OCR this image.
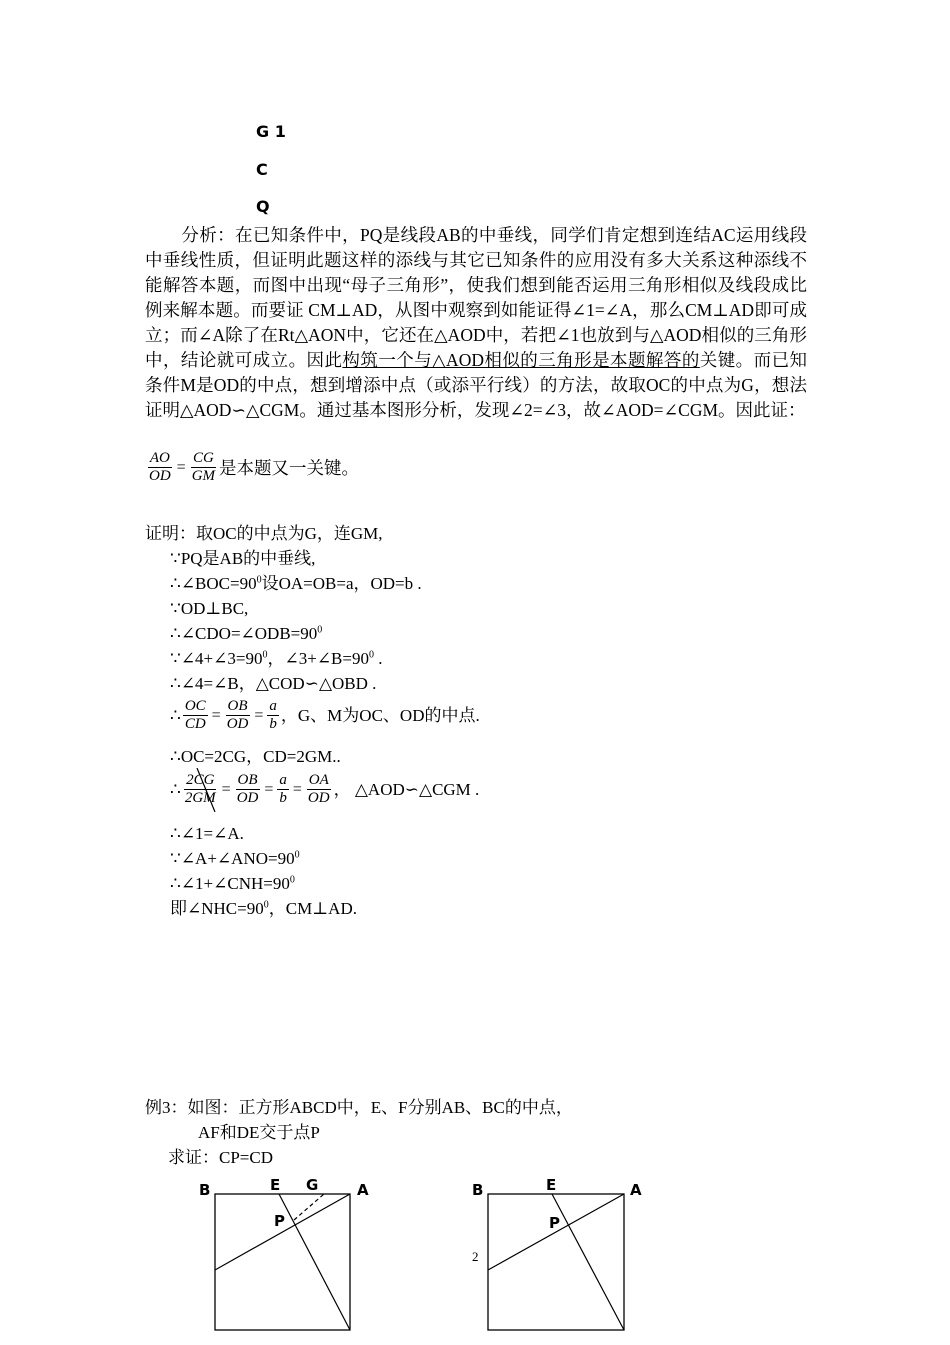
G 1
C
Q
分析：在已知条件中，PQ是线段AB的中垂线，同学们肯定想到连结AC运用线段中垂线性质，但证明此题这样的添线与其它已知条件的应用没有多大关系这种添线不能解答本题，而图中出现“母子三角形”，使我们想到能否运用三角形相似及线段成比例来解本题。而要证 CM⊥AD，从图中观察到如能证得∠1=∠A，那么CM⊥AD即可成立；而∠A除了在Rt△AON中，它还在△AOD中，若把∠1也放到与△AOD相似的三角形中，结论就可成立。因此构筑一个与△AOD相似的三角形是本题解答的关键。而已知条件M是OD的中点，想到增添中点（或添平行线）的方法，故取OC的中点为G，想法证明△AOD∽△CGM。通过基本图形分析，发现∠2=∠3，故∠AOD=∠CGM。因此证：
$\frac{AO}{OD} = \frac{CG}{GM}$ 是本题又一关键。
证明：取OC的中点为G，连GM,
∵PQ是AB的中垂线,
$\therefore\angle BOC=90^0$设OA=OB=a，OD=b .
∵OD⊥BC,
$\therefore\angle CDO=\angle ODB=90^0$
$\because\angle 4+\angle 3=90^0$，$\angle 3+\angle B=90^0$ .
∴∠4=∠B，△COD∽△OBD .
∴ $\frac{OC}{CD} = \frac{OB}{OD} = \frac{a}{b}$ ，G、M为OC、OD的中点.
∴OC=2CG，CD=2GM..
∴ $\frac{2CG}{2GM} = \frac{OB}{OD} = \frac{a}{b} = \frac{OA}{OD}$ ， △AOD∽△CGM .
∴∠1=∠A.
$\because\angle A+\angle ANO=90^0$
$\therefore\angle 1+\angle CNH=90^0$
即$\angle NHC=90^0$，CM⊥AD.
例3：如图：正方形ABCD中，E、F分别AB、BC的中点，
AF和DE交于点P
求证：CP=CD
B	E G	A
P
B	E	A
P
2
